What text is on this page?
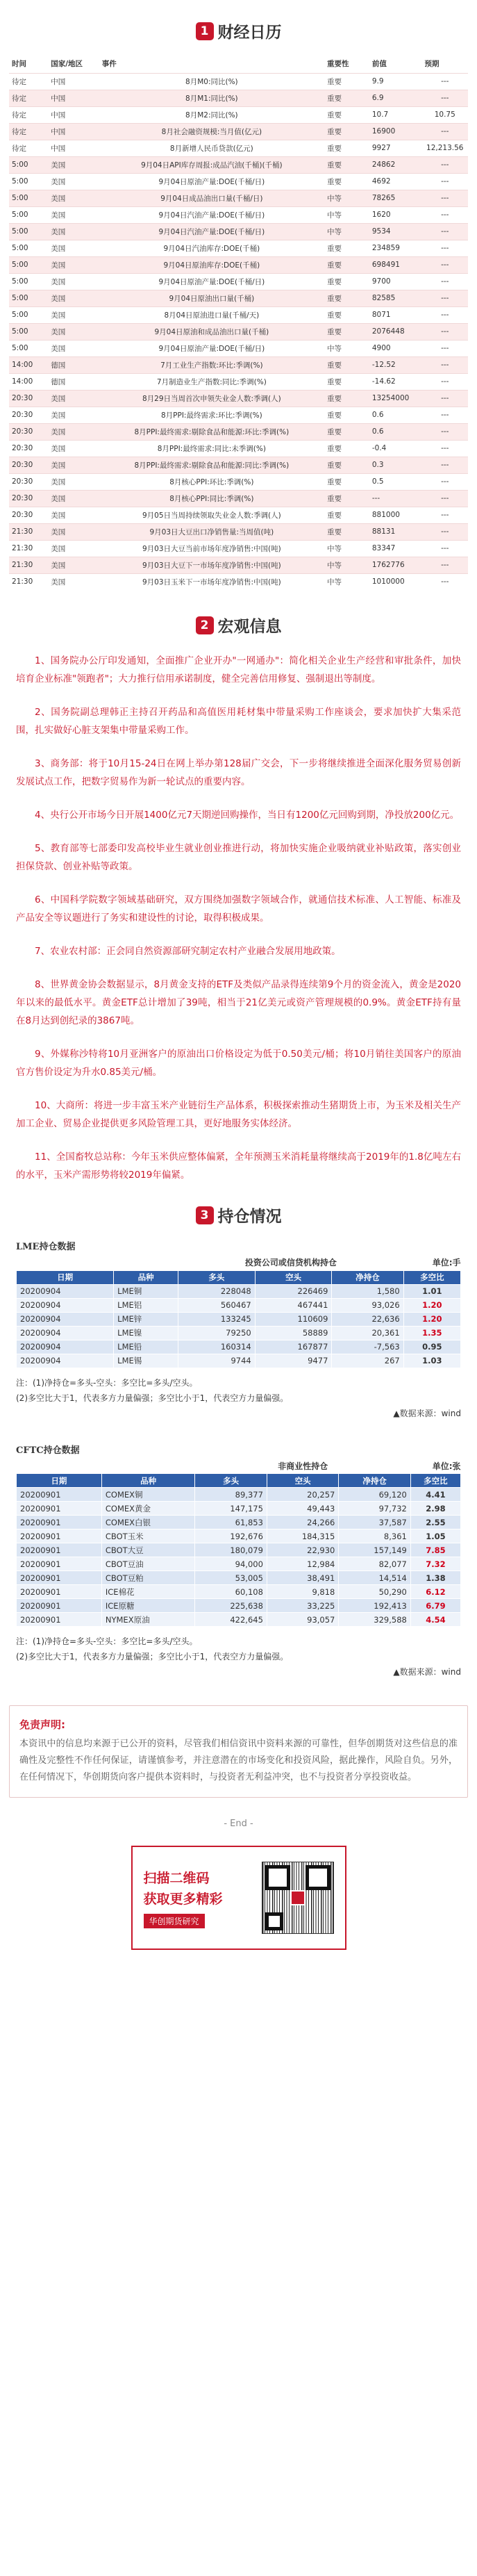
1 财经日历
时间	国家/地区	事件	重要性	前值	预期
待定	中国	8月M0:同比(%)	重要	9.9	---
待定	中国	8月M1:同比(%)	重要	6.9	---
待定	中国	8月M2:同比(%)	重要	10.7	10.75
待定	中国	8月社会融资规模:当月值(亿元)	重要	16900	---
待定	中国	8月新增人民币贷款(亿元)	重要	9927	12,213.56
5:00	美国	9月04日API库存周报:成品汽油(千桶)(千桶)	重要	24862	---
5:00	美国	9月04日原油产量:DOE(千桶/日)	重要	4692	---
5:00	美国	9月04日成品油出口量(千桶/日)	中等	78265	---
5:00	美国	9月04日汽油产量:DOE(千桶/日)	中等	1620	---
5:00	美国	9月04日汽油产量:DOE(千桶/日)	中等	9534	---
5:00	美国	9月04日汽油库存:DOE(千桶)	重要	234859	---
5:00	美国	9月04日原油库存:DOE(千桶)	重要	698491	---
5:00	美国	9月04日原油产量:DOE(千桶/日)	重要	9700	---
5:00	美国	9月04日原油出口量(千桶)	重要	82585	---
5:00	美国	8月04日原油进口量(千桶/天)	重要	8071	---
5:00	美国	9月04日原油和成品油出口量(千桶)	重要	2076448	---
5:00	美国	9月04日原油产量:DOE(千桶/日)	中等	4900	---
14:00	德国	7月工业生产指数:环比:季调(%)	重要	-12.52	---
14:00	德国	7月制造业生产指数:同比:季调(%)	重要	-14.62	---
20:30	美国	8月29日当周首次申领失业金人数:季调(人)	重要	13254000	---
20:30	美国	8月PPI:最终需求:环比:季调(%)	重要	0.6	---
20:30	美国	8月PPI:最终需求:剔除食品和能源:环比:季调(%)	重要	0.6	---
20:30	美国	8月PPI:最终需求:同比:未季调(%)	重要	-0.4	---
20:30	美国	8月PPI:最终需求:剔除食品和能源:同比:季调(%)	重要	0.3	---
20:30	美国	8月核心PPI:环比:季调(%)	重要	0.5	---
20:30	美国	8月核心PPI:同比:季调(%)	重要	---	---
20:30	美国	9月05日当周持续领取失业金人数:季调(人)	重要	881000	---
21:30	美国	9月03日大豆出口净销售量:当周值(吨)	重要	88131	---
21:30	美国	9月03日大豆当前市场年度净销售:中国(吨)	中等	83347	---
21:30	美国	9月03日大豆下一市场年度净销售:中国(吨)	中等	1762776	---
21:30	美国	9月03日玉米下一市场年度净销售:中国(吨)	中等	1010000	---
2 宏观信息

1、国务院办公厅印发通知，全面推广企业开办"一网通办"：简化相关企业生产经营和审批条件，加快培育企业标准"领跑者"；大力推行信用承诺制度，健全完善信用修复、强制退出等制度。

2、国务院副总理韩正主持召开药品和高值医用耗材集中带量采购工作座谈会，要求加快扩大集采范围，扎实做好心脏支架集中带量采购工作。

3、商务部：将于10月15-24日在网上举办第128届广交会，下一步将继续推进全面深化服务贸易创新发展试点工作，把数字贸易作为新一轮试点的重要内容。

4、央行公开市场今日开展1400亿元7天期逆回购操作，当日有1200亿元回购到期，净投放200亿元。

5、教育部等七部委印发高校毕业生就业创业推进行动，将加快实施企业吸纳就业补贴政策，落实创业担保贷款、创业补贴等政策。

6、中国科学院数字领域基础研究，双方围绕加强数字领域合作，就通信技术标准、人工智能、标准及产品安全等议题进行了务实和建设性的讨论，取得积极成果。

7、农业农村部：正会同自然资源部研究制定农村产业融合发展用地政策。

8、世界黄金协会数据显示，8月黄金支持的ETF及类似产品录得连续第9个月的资金流入，黄金是2020年以来的最低水平。黄金ETF总计增加了39吨，相当于21亿美元或资产管理规模的0.9%。黄金ETF持有量在8月达到创纪录的3867吨。

9、外媒称沙特将10月亚洲客户的原油出口价格设定为低于0.50美元/桶；将10月销往美国客户的原油官方售价设定为升水0.85美元/桶。

10、大商所：将进一步丰富玉米产业链衍生产品体系，积极探索推动生猪期货上市，为玉米及相关生产加工企业、贸易企业提供更多风险管理工具，更好地服务实体经济。

11、全国畜牧总站称：今年玉米供应整体偏紧，全年预测玉米消耗量将继续高于2019年的1.8亿吨左右的水平，玉米产需形势将较2019年偏紧。

3 持仓情况
LME持仓数据
		投资公司或信贷机构持仓			单位:手
日期	品种	多头	空头	净持仓	多空比
20200904	LME铜	228048	226469	1,580	1.01
20200904	LME铝	560467	467441	93,026	1.20
20200904	LME锌	133245	110609	22,636	1.20
20200904	LME镍	79250	58889	20,361	1.35
20200904	LME铅	160314	167877	-7,563	0.95
20200904	LME锡	9744	9477	267	1.03
注：(1)净持仓=多头-空头：多空比=多头/空头。
(2)多空比大于1，代表多方力量偏强；多空比小于1，代表空方力量偏强。
▲数据来源：wind
CFTC持仓数据
		非商业性持仓			单位:张
日期	品种	多头	空头	净持仓	多空比
20200901	COMEX铜	89,377	20,257	69,120	4.41
20200901	COMEX黄金	147,175	49,443	97,732	2.98
20200901	COMEX白银	61,853	24,266	37,587	2.55
20200901	CBOT玉米	192,676	184,315	8,361	1.05
20200901	CBOT大豆	180,079	22,930	157,149	7.85
20200901	CBOT豆油	94,000	12,984	82,077	7.32
20200901	CBOT豆粕	53,005	38,491	14,514	1.38
20200901	ICE棉花	60,108	9,818	50,290	6.12
20200901	ICE原糖	225,638	33,225	192,413	6.79
20200901	NYMEX原油	422,645	93,057	329,588	4.54
注：(1)净持仓=多头-空头：多空比=多头/空头。
(2)多空比大于1，代表多方力量偏强；多空比小于1，代表空方力量偏强。
▲数据来源：wind
免责声明:
本资讯中的信息均来源于已公开的资料，尽管我们相信资讯中资料来源的可靠性，但华创期货对这些信息的准确性及完整性不作任何保证，请谨慎参考，并注意潜在的市场变化和投资风险，据此操作，风险自负。另外，在任何情况下，华创期货向客户提供本资料时，与投资者无利益冲突，也不与投资者分享投资收益。
- End -
扫描二维码
获取更多精彩
华创期货研究
